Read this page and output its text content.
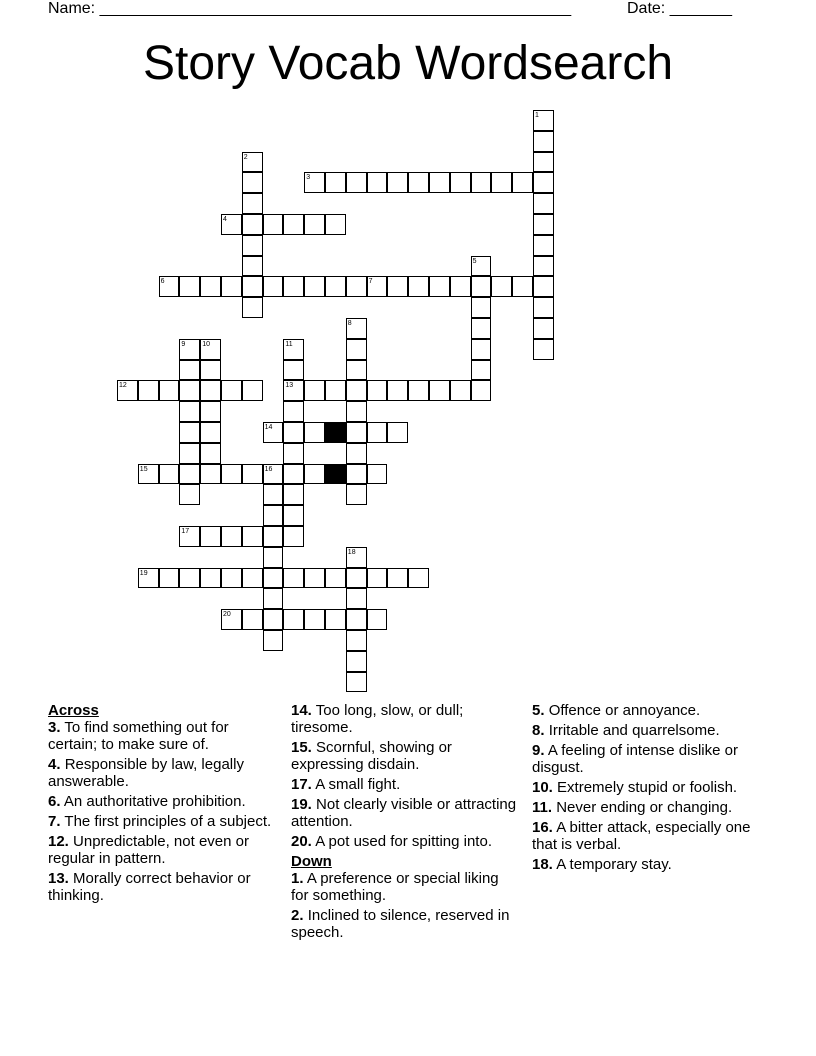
Name: _____________________________________________________	Date: _______
Story Vocab Wordsearch
1
2
3
4
5
6	7
8
9 10	11
13
12
14
15	16
17
18
19
20
Across
3. To find something out for certain; to make sure of.
4. Responsible by law, legally answerable.
6. An authoritative prohibition.
7. The first principles of a subject.
12. Unpredictable, not even or regular in pattern.
13. Morally correct behavior or thinking.
14. Too long, slow, or dull; tiresome.
15. Scornful, showing or expressing disdain.
17. A small fight.
19. Not clearly visible or attracting attention.
20. A pot used for spitting into.
Down
1. A preference or special liking for something.
2. Inclined to silence, reserved in speech.
5. Offence or annoyance.
8. Irritable and quarrelsome.
9. A feeling of intense dislike or disgust.
10. Extremely stupid or foolish.
11. Never ending or changing.
16. A bitter attack, especially one that is verbal.
18. A temporary stay.
